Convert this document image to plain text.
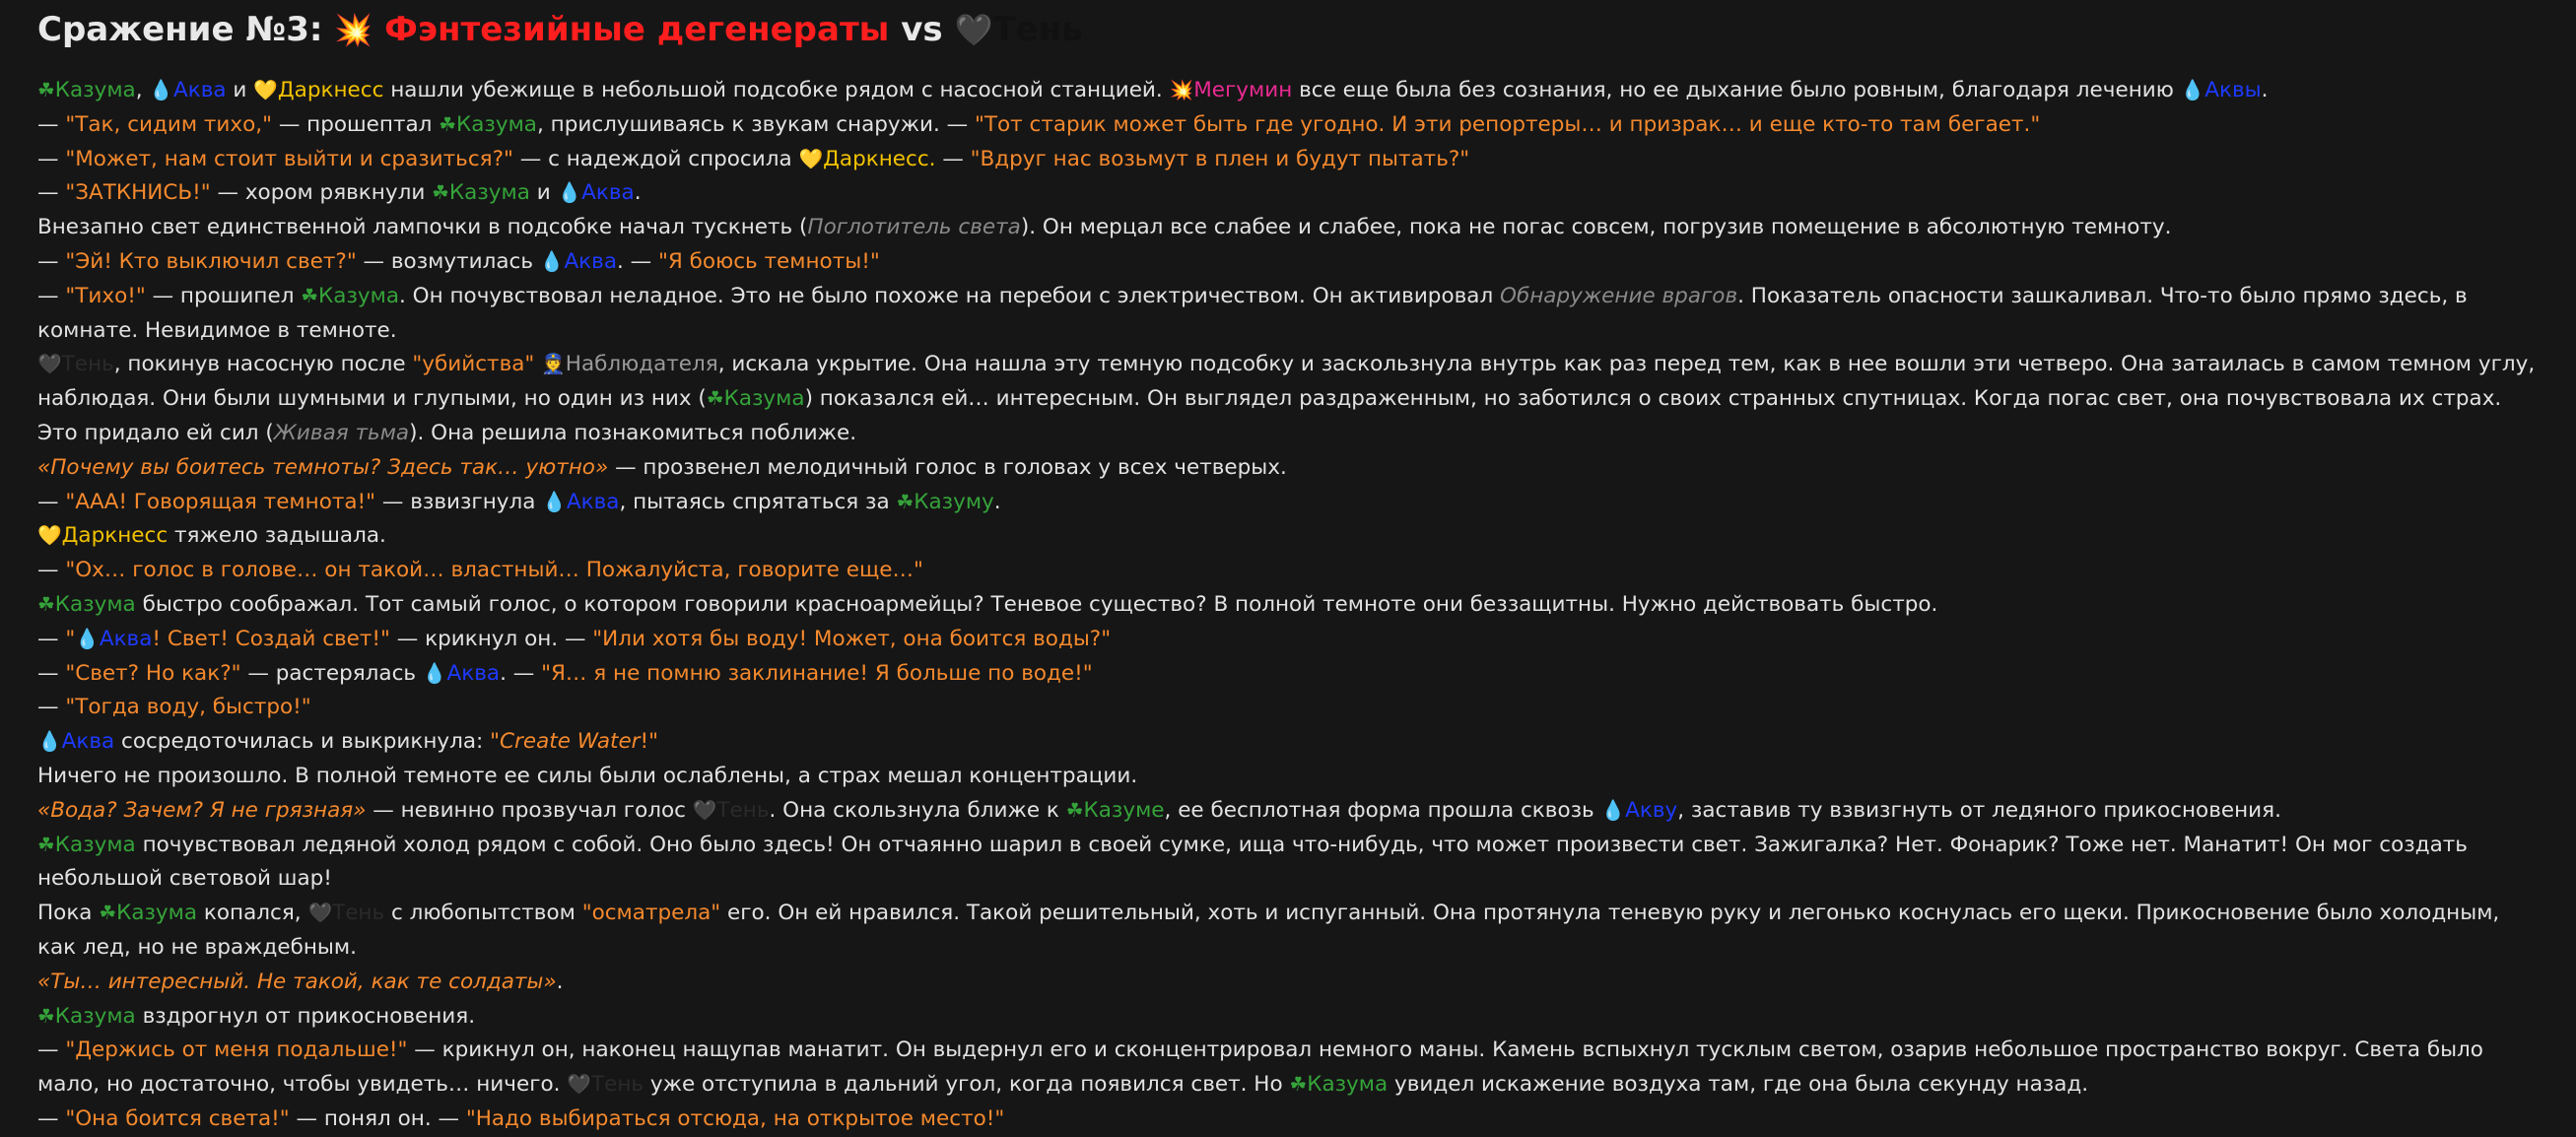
Сражение №3: 💥 Фэнтезийные дегенераты vs 🖤Тень

☘Казума, 💧Аква и 💛Даркнесс нашли убежище в небольшой подсобке рядом с насосной станцией. 💥Мегумин все еще была без сознания, но ее дыхание было ровным, благодаря лечению 💧Аквы.

— "Так, сидим тихо," — прошептал ☘Казума, прислушиваясь к звукам снаружи. — "Тот старик может быть где угодно. И эти репортеры… и призрак… и еще кто-то там бегает."

— "Может, нам стоит выйти и сразиться?" — с надеждой спросила 💛Даркнесс. — "Вдруг нас возьмут в плен и будут пытать?"

— "ЗАТКНИСЬ!" — хором рявкнули ☘Казума и 💧Аква.

Внезапно свет единственной лампочки в подсобке начал тускнеть (Поглотитель света). Он мерцал все слабее и слабее, пока не погас совсем, погрузив помещение в абсолютную темноту.

— "Эй! Кто выключил свет?" — возмутилась 💧Аква. — "Я боюсь темноты!"

— "Тихо!" — прошипел ☘Казума. Он почувствовал неладное. Это не было похоже на перебои с электричеством. Он активировал Обнаружение врагов. Показатель опасности зашкаливал. Что-то было прямо здесь, в комнате. Невидимое в темноте.

🖤Тень, покинув насосную после "убийства" 👮Наблюдателя, искала укрытие. Она нашла эту темную подсобку и заскользнула внутрь как раз перед тем, как в нее вошли эти четверо. Она затаилась в самом темном углу, наблюдая. Они были шумными и глупыми, но один из них (☘Казума) показался ей… интересным. Он выглядел раздраженным, но заботился о своих странных спутницах. Когда погас свет, она почувствовала их страх. Это придало ей сил (Живая тьма). Она решила познакомиться поближе.

«Почему вы боитесь темноты? Здесь так… уютно» — прозвенел мелодичный голос в головах у всех четверых.

— "ААА! Говорящая темнота!" — взвизгнула 💧Аква, пытаясь спрятаться за ☘Казуму.

💛Даркнесс тяжело задышала.

— "Ох… голос в голове… он такой… властный… Пожалуйста, говорите еще…"

☘Казума быстро соображал. Тот самый голос, о котором говорили красноармейцы? Теневое существо? В полной темноте они беззащитны. Нужно действовать быстро.

— "💧Аква! Свет! Создай свет!" — крикнул он. — "Или хотя бы воду! Может, она боится воды?"

— "Свет? Но как?" — растерялась 💧Аква. — "Я… я не помню заклинание! Я больше по воде!"

— "Тогда воду, быстро!"

💧Аква сосредоточилась и выкрикнула: "Create Water!"

Ничего не произошло. В полной темноте ее силы были ослаблены, а страх мешал концентрации.

«Вода? Зачем? Я не грязная» — невинно прозвучал голос 🖤Тень. Она скользнула ближе к ☘Казуме, ее бесплотная форма прошла сквозь 💧Акву, заставив ту взвизгнуть от ледяного прикосновения.

☘Казума почувствовал ледяной холод рядом с собой. Оно было здесь! Он отчаянно шарил в своей сумке, ища что-нибудь, что может произвести свет. Зажигалка? Нет. Фонарик? Тоже нет. Манатит! Он мог создать небольшой световой шар!

Пока ☘Казума копался, 🖤Тень с любопытством "осматрела" его. Он ей нравился. Такой решительный, хоть и испуганный. Она протянула теневую руку и легонько коснулась его щеки. Прикосновение было холодным, как лед, но не враждебным.

«Ты… интересный. Не такой, как те солдаты».

☘Казума вздрогнул от прикосновения.

— "Держись от меня подальше!" — крикнул он, наконец нащупав манатит. Он выдернул его и сконцентрировал немного маны. Камень вспыхнул тусклым светом, озарив небольшое пространство вокруг. Света было мало, но достаточно, чтобы увидеть… ничего. 🖤Тень уже отступила в дальний угол, когда появился свет. Но ☘Казума увидел искажение воздуха там, где она была секунду назад.

— "Она боится света!" — понял он. — "Надо выбираться отсюда, на открытое место!"
